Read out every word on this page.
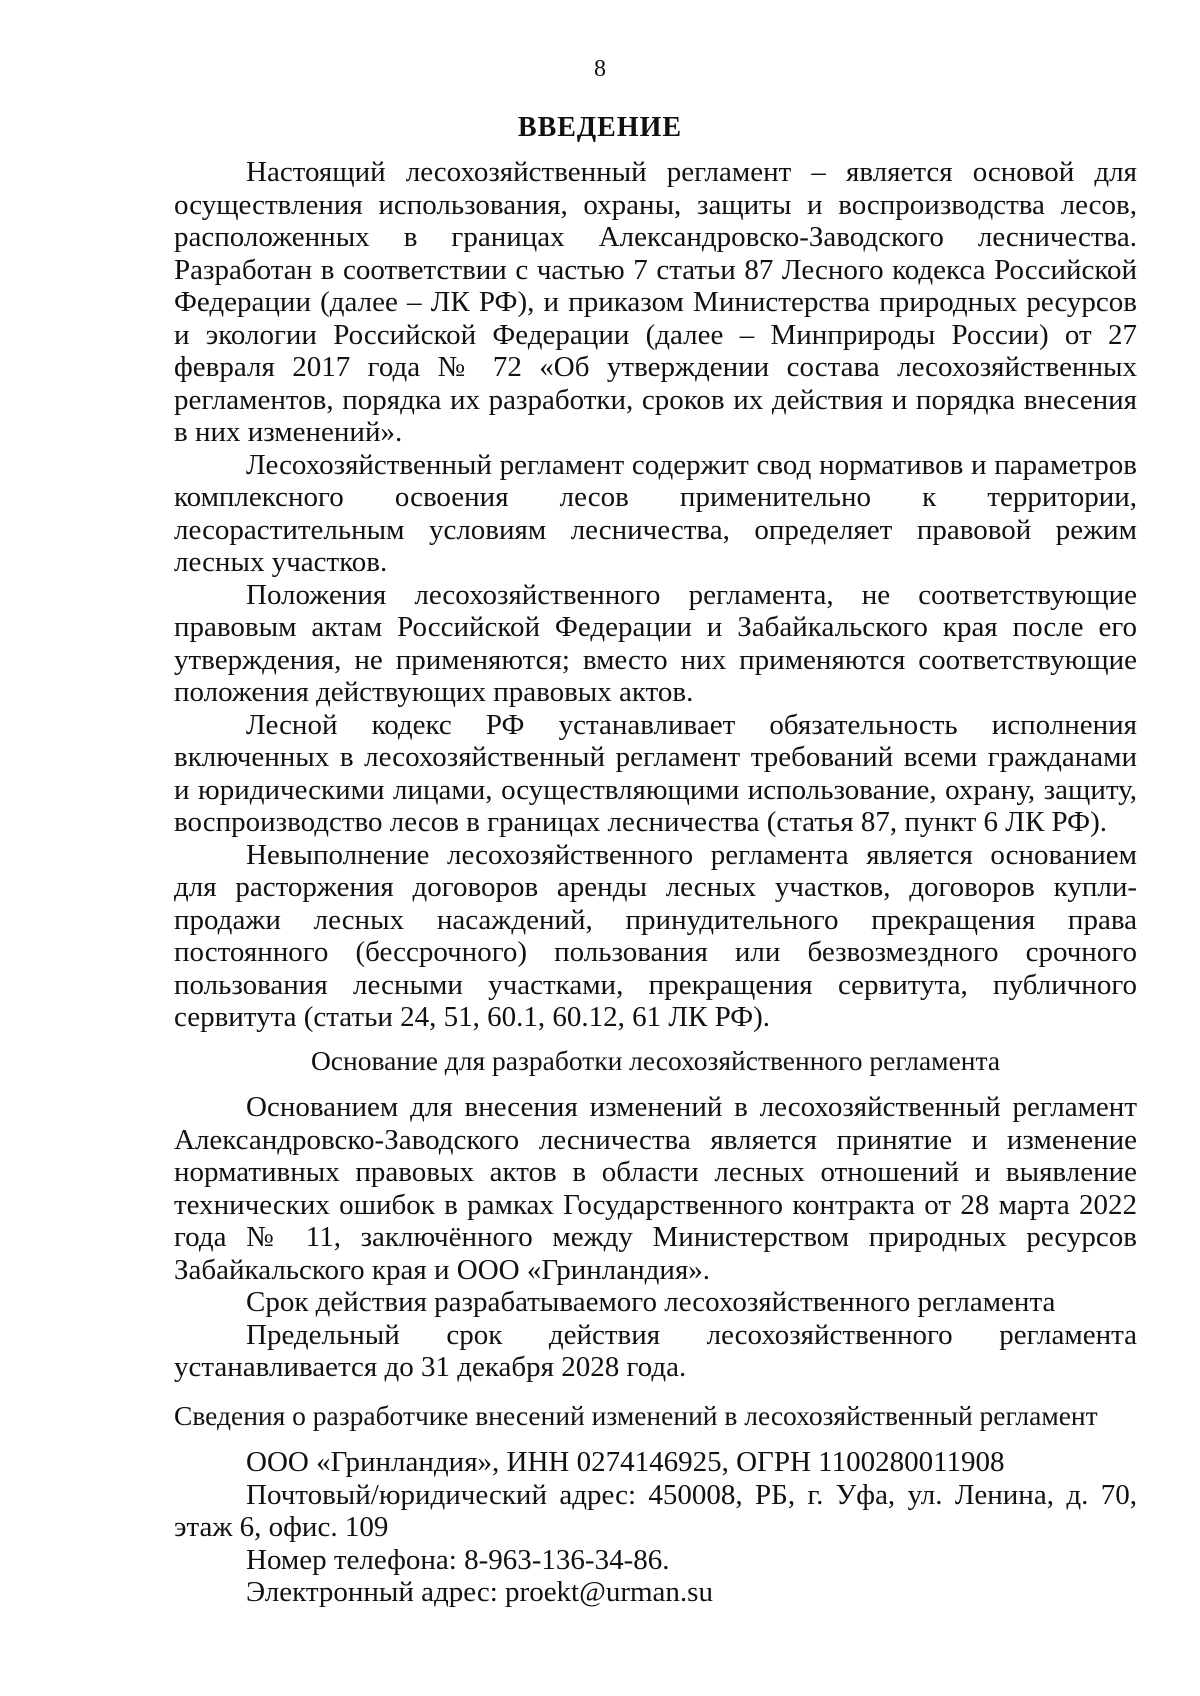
8
ВВЕДЕНИЕ

Настоящий лесохозяйственный регламент – является основой для осуществления использования, охраны, защиты и воспроизводства лесов, расположенных в границах Александровско-Заводского лесничества. Разработан в соответствии с частью 7 статьи 87 Лесного кодекса Российской Федерации (далее – ЛК РФ), и приказом Министерства природных ресурсов и экологии Российской Федерации (далее – Минприроды России) от 27 февраля 2017 года № 72 «Об утверждении состава лесохозяйственных регламентов, порядка их разработки, сроков их действия и порядка внесения в них изменений».

Лесохозяйственный регламент содержит свод нормативов и параметров комплексного освоения лесов применительно к территории, лесорастительным условиям лесничества, определяет правовой режим лесных участков.

Положения лесохозяйственного регламента, не соответствующие правовым актам Российской Федерации и Забайкальского края после его утверждения, не применяются; вместо них применяются соответствующие положения действующих правовых актов.

Лесной кодекс РФ устанавливает обязательность исполнения включенных в лесохозяйственный регламент требований всеми гражданами и юридическими лицами, осуществляющими использование, охрану, защиту, воспроизводство лесов в границах лесничества (статья 87, пункт 6 ЛК РФ).

Невыполнение лесохозяйственного регламента является основанием для расторжения договоров аренды лесных участков, договоров купли-продажи лесных насаждений, принудительного прекращения права постоянного (бессрочного) пользования или безвозмездного срочного пользования лесными участками, прекращения сервитута, публичного сервитута (статьи 24, 51, 60.1, 60.12, 61 ЛК РФ).

Основание для разработки лесохозяйственного регламента

Основанием для внесения изменений в лесохозяйственный регламент Александровско-Заводского лесничества является принятие и изменение нормативных правовых актов в области лесных отношений и выявление технических ошибок в рамках Государственного контракта от 28 марта 2022 года № 11, заключённого между Министерством природных ресурсов Забайкальского края и ООО «Гринландия».

Срок действия разрабатываемого лесохозяйственного регламента

Предельный срок действия лесохозяйственного регламента устанавливается до 31 декабря 2028 года.

Сведения о разработчике внесений изменений в лесохозяйственный регламент

ООО «Гринландия», ИНН 0274146925, ОГРН 1100280011908

Почтовый/юридический адрес: 450008, РБ, г. Уфа, ул. Ленина, д. 70, этаж 6, офис. 109

Номер телефона: 8-963-136-34-86.

Электронный адрес: proekt@urman.su
